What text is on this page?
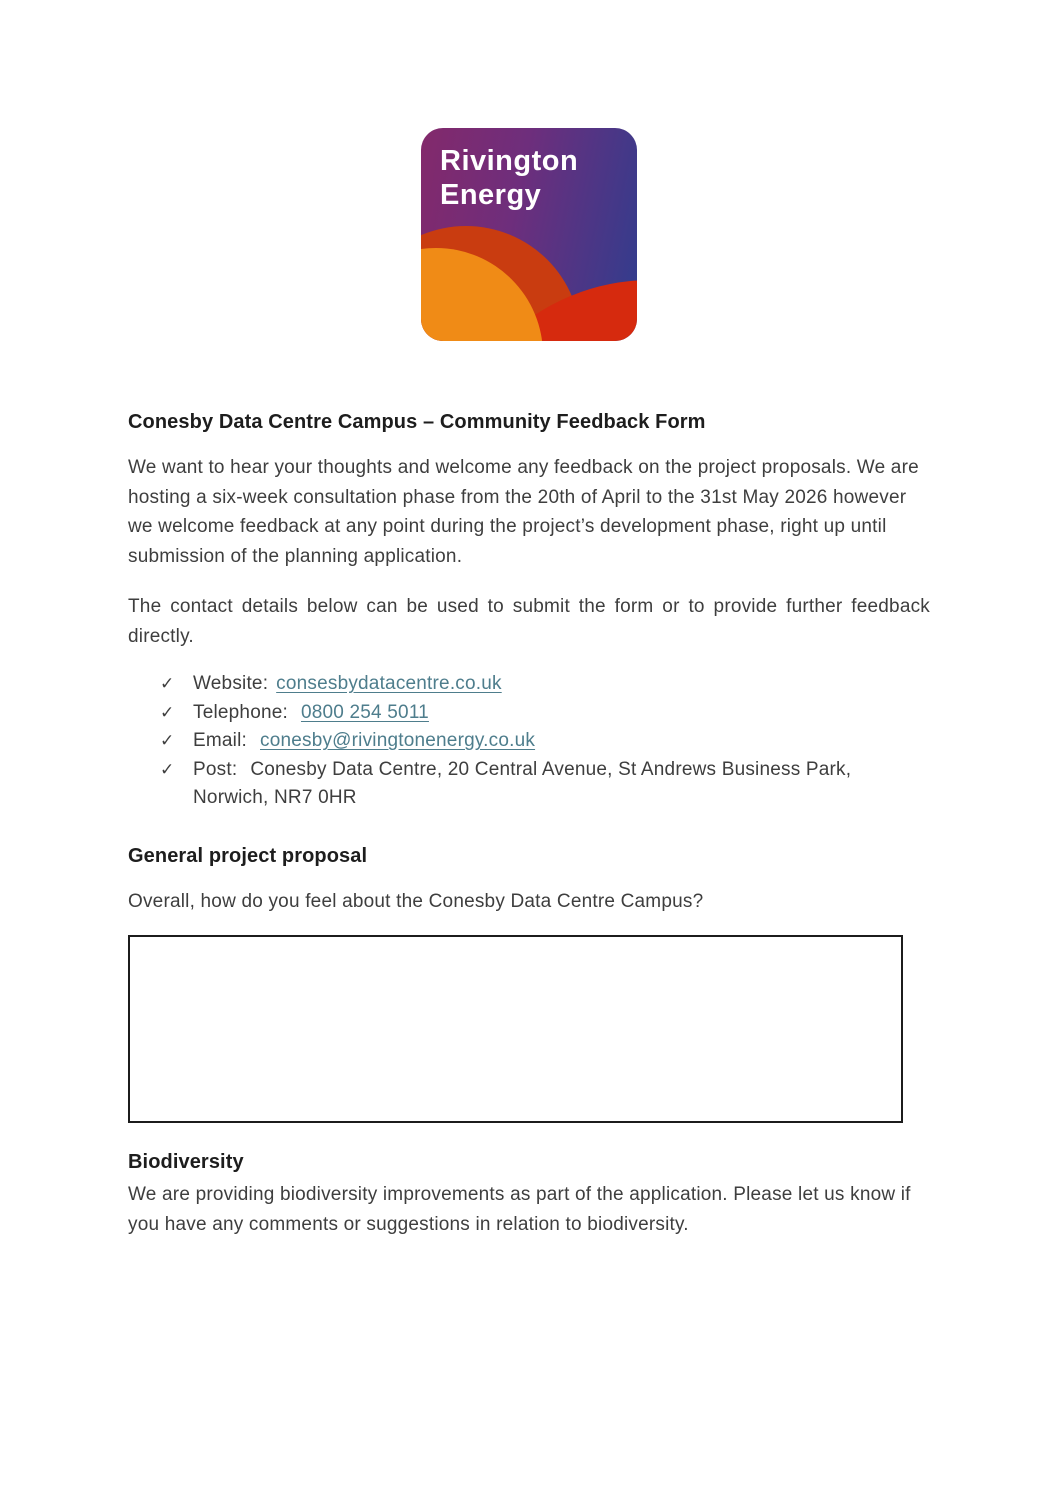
Rivington
Energy
Conesby Data Centre Campus – Community Feedback Form

We want to hear your thoughts and welcome any feedback on the project proposals. We are hosting a six-week consultation phase from the 20th of April to the 31st May 2026 however we welcome feedback at any point during the project’s development phase, right up until submission of the planning application.

The contact details below can be used to submit the form or to provide further feedback directly.

✓ Website: consesbydatacentre.co.uk
✓ Telephone: 0800 254 5011
✓ Email: conesby@rivingtonenergy.co.uk
✓ Post: Conesby Data Centre, 20 Central Avenue, St Andrews Business Park, Norwich, NR7 0HR
General project proposal

Overall, how do you feel about the Conesby Data Centre Campus?

Biodiversity

We are providing biodiversity improvements as part of the application. Please let us know if you have any comments or suggestions in relation to biodiversity.
